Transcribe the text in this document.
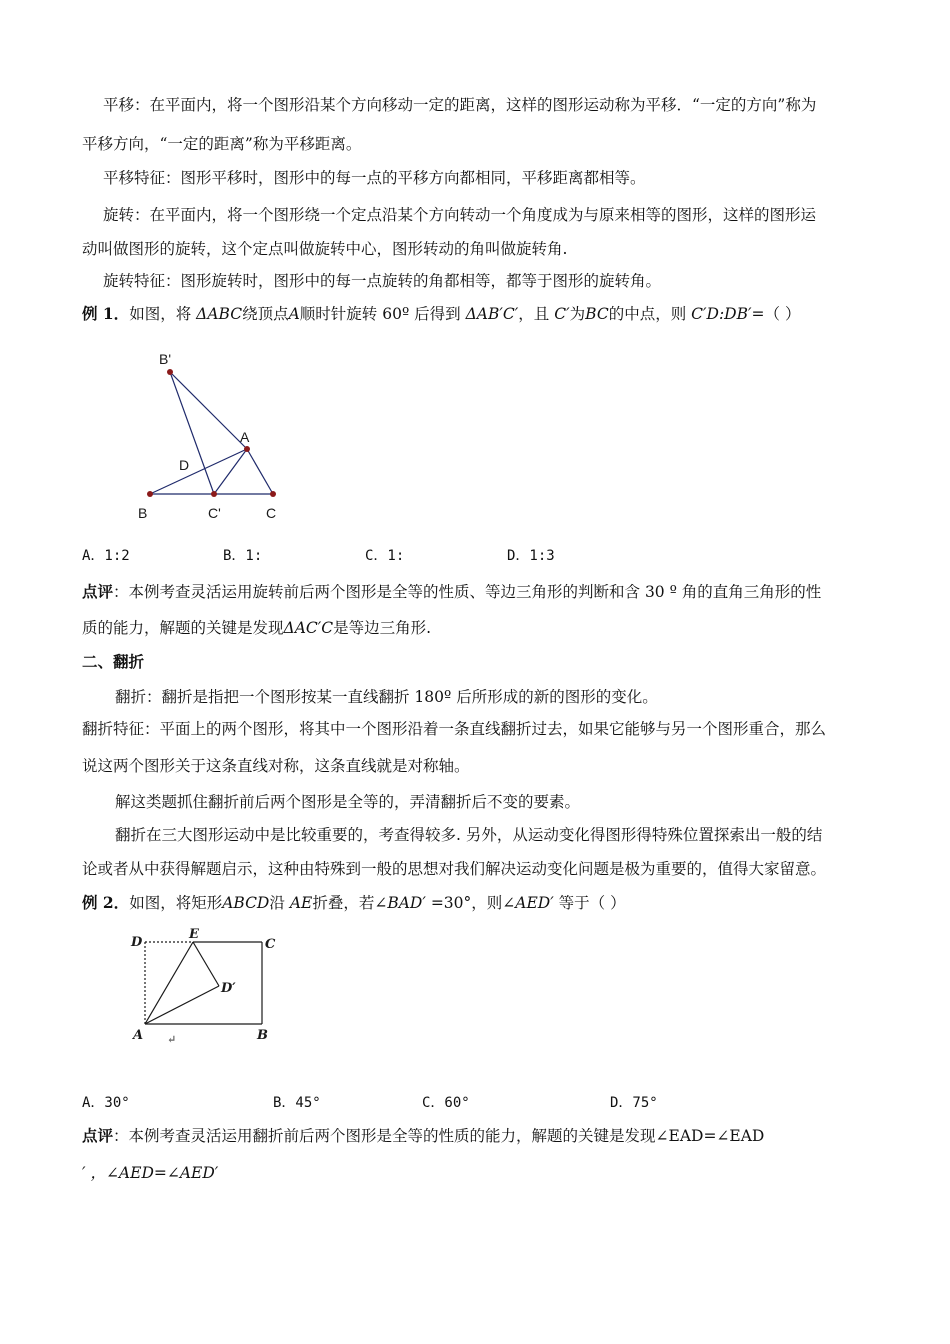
平移：在平面内，将一个图形沿某个方向移动一定的距离，这样的图形运动称为平移．“一定的方向”称为
平移方向，“一定的距离”称为平移距离。
平移特征：图形平移时，图形中的每一点的平移方向都相同，平移距离都相等。
旋转：在平面内，将一个图形绕一个定点沿某个方向转动一个角度成为与原来相等的图形，这样的图形运
动叫做图形的旋转，这个定点叫做旋转中心，图形转动的角叫做旋转角.
旋转特征：图形旋转时，图形中的每一点旋转的角都相等，都等于图形的旋转角。
例 1．如图，将 ΔABC绕顶点A顺时针旋转 60º 后得到 ΔAB′C′，且 C′为BC的中点，则 C′D:DB′=（ ）
B'
A
D
B	C'	C
A．1:2	B．1:	C．1:	D．1:3
点评：本例考查灵活运用旋转前后两个图形是全等的性质、等边三角形的判断和含 30 º 角的直角三角形的性
质的能力，解题的关键是发现ΔAC′C是等边三角形.
二、翻折
翻折：翻折是指把一个图形按某一直线翻折 180º 后所形成的新的图形的变化。
翻折特征：平面上的两个图形，将其中一个图形沿着一条直线翻折过去，如果它能够与另一个图形重合，那么
说这两个图形关于这条直线对称，这条直线就是对称轴。
解这类题抓住翻折前后两个图形是全等的，弄清翻折后不变的要素。
翻折在三大图形运动中是比较重要的，考查得较多. 另外，从运动变化得图形得特殊位置探索出一般的结
论或者从中获得解题启示，这种由特殊到一般的思想对我们解决运动变化问题是极为重要的，值得大家留意。
例 2．如图，将矩形ABCD沿 AE折叠，若∠BAD′ =30°，则∠AED′ 等于（ ）
D
E
C
D′
A	B
↵
A．30°	B．45°	C．60°	D．75°
点评：本例考查灵活运用翻折前后两个图形是全等的性质的能力，解题的关键是发现∠EAD=∠EAD
′ ，∠AED=∠AED′
